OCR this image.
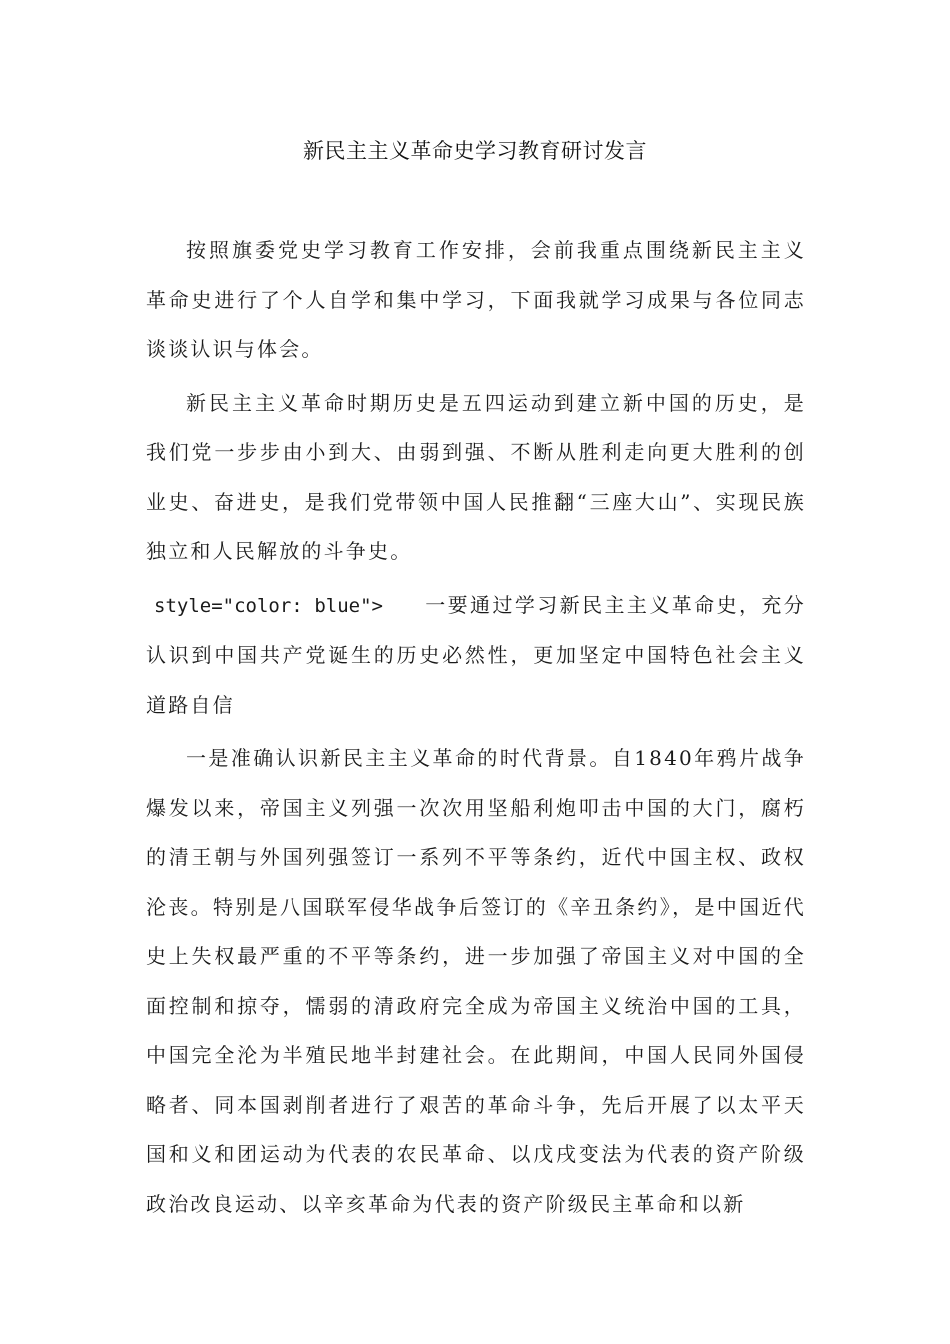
新民主主义革命史学习教育研讨发言

按照旗委党史学习教育工作安排，会前我重点围绕新民主主义革命史进行了个人自学和集中学习，下面我就学习成果与各位同志谈谈认识与体会。

新民主主义革命时期历史是五四运动到建立新中国的历史，是我们党一步步由小到大、由弱到强、不断从胜利走向更大胜利的创业史、奋进史，是我们党带领中国人民推翻“三座大山”、实现民族独立和人民解放的斗争史。

style="color: blue"> 一要通过学习新民主主义革命史，充分认识到中国共产党诞生的历史必然性，更加坚定中国特色社会主义道路自信

一是准确认识新民主主义革命的时代背景。自1840年鸦片战争爆发以来，帝国主义列强一次次用坚船利炮叩击中国的大门，腐朽的清王朝与外国列强签订一系列不平等条约，近代中国主权、政权沦丧。特别是八国联军侵华战争后签订的《辛丑条约》，是中国近代史上失权最严重的不平等条约，进一步加强了帝国主义对中国的全面控制和掠夺，懦弱的清政府完全成为帝国主义统治中国的工具，中国完全沦为半殖民地半封建社会。在此期间，中国人民同外国侵略者、同本国剥削者进行了艰苦的革命斗争，先后开展了以太平天国和义和团运动为代表的农民革命、以戊戌变法为代表的资产阶级政治改良运动、以辛亥革命为代表的资产阶级民主革命和以新
